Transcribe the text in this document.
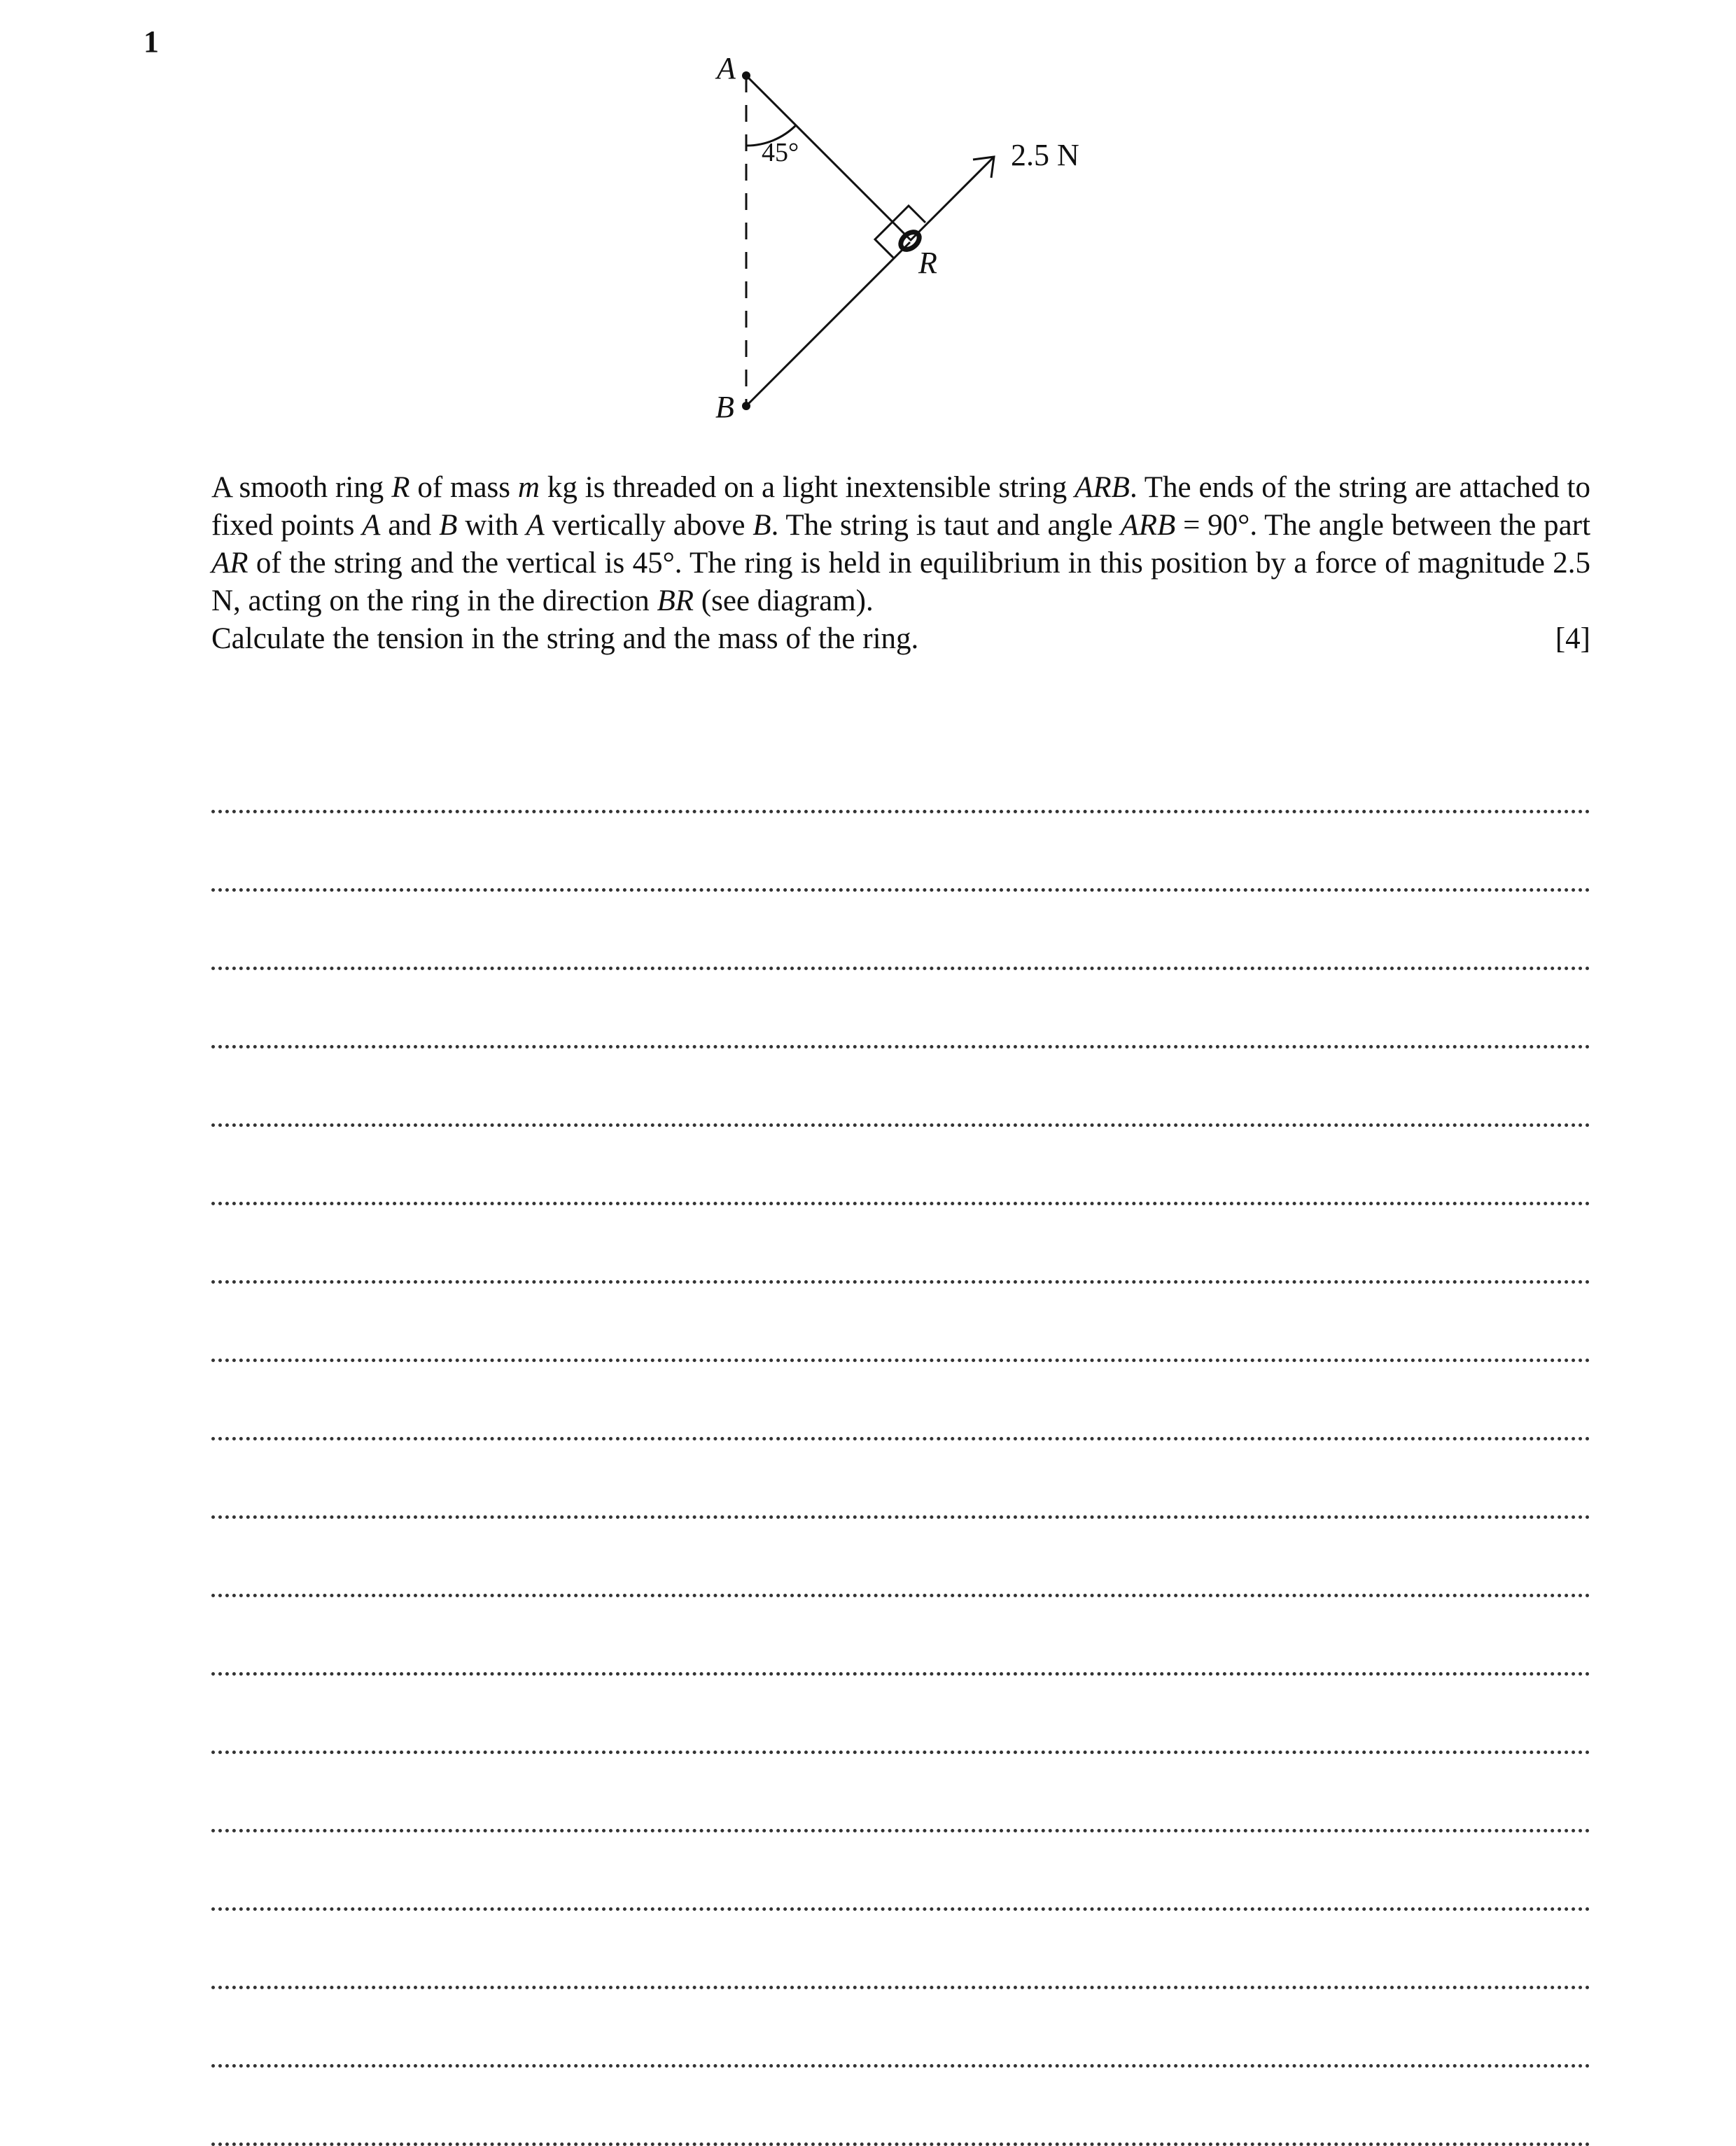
1
A
B
R
45°	2.5 N

A smooth ring R of mass m kg is threaded on a light inextensible string ARB. The ends of the string are attached to fixed points A and B with A vertically above B. The string is taut and angle ARB = 90°. The angle between the part AR of the string and the vertical is 45°. The ring is held in equilibrium in this position by a force of magnitude 2.5 N, acting on the ring in the direction BR (see diagram).

Calculate the tension in the string and the mass of the ring.	[4]
